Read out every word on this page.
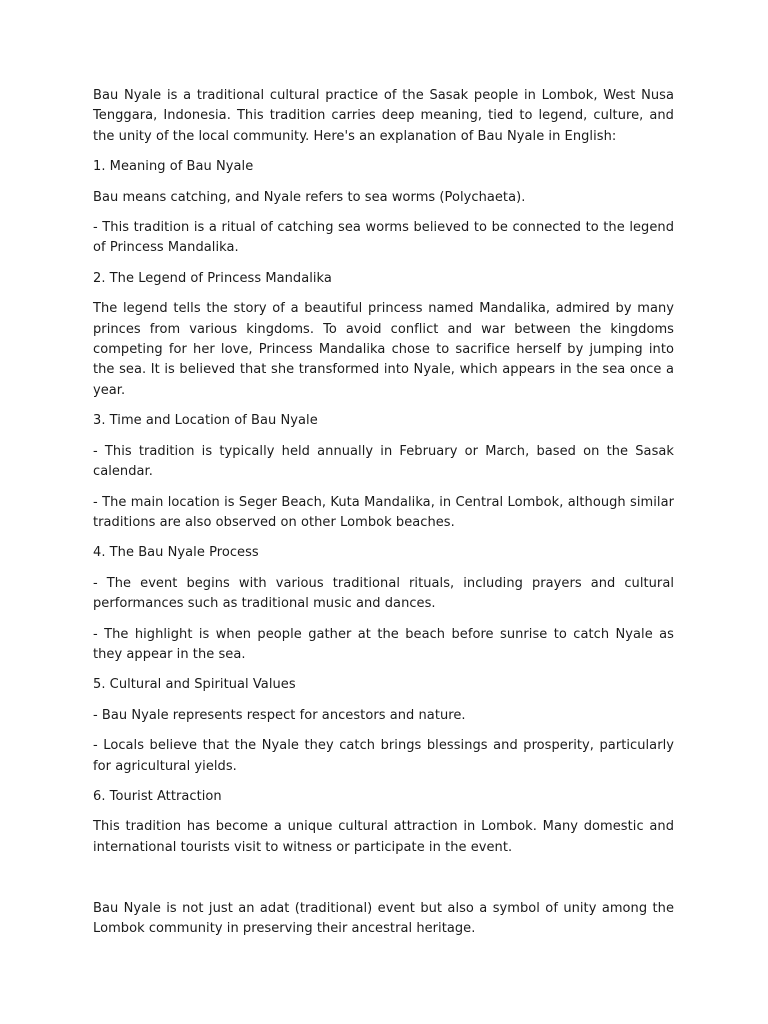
Bau Nyale is a traditional cultural practice of the Sasak people in Lombok, West Nusa Tenggara, Indonesia. This tradition carries deep meaning, tied to legend, culture, and the unity of the local community. Here's an explanation of Bau Nyale in English:

1. Meaning of Bau Nyale

Bau means catching, and Nyale refers to sea worms (Polychaeta).

- This tradition is a ritual of catching sea worms believed to be connected to the legend of Princess Mandalika.

2. The Legend of Princess Mandalika

The legend tells the story of a beautiful princess named Mandalika, admired by many princes from various kingdoms. To avoid conflict and war between the kingdoms competing for her love, Princess Mandalika chose to sacrifice herself by jumping into the sea. It is believed that she transformed into Nyale, which appears in the sea once a year.

3. Time and Location of Bau Nyale

- This tradition is typically held annually in February or March, based on the Sasak calendar.

- The main location is Seger Beach, Kuta Mandalika, in Central Lombok, although similar traditions are also observed on other Lombok beaches.

4. The Bau Nyale Process

- The event begins with various traditional rituals, including prayers and cultural performances such as traditional music and dances.

- The highlight is when people gather at the beach before sunrise to catch Nyale as they appear in the sea.

5. Cultural and Spiritual Values

- Bau Nyale represents respect for ancestors and nature.

- Locals believe that the Nyale they catch brings blessings and prosperity, particularly for agricultural yields.

6. Tourist Attraction

This tradition has become a unique cultural attraction in Lombok. Many domestic and international tourists visit to witness or participate in the event.

Bau Nyale is not just an adat (traditional) event but also a symbol of unity among the Lombok community in preserving their ancestral heritage.
